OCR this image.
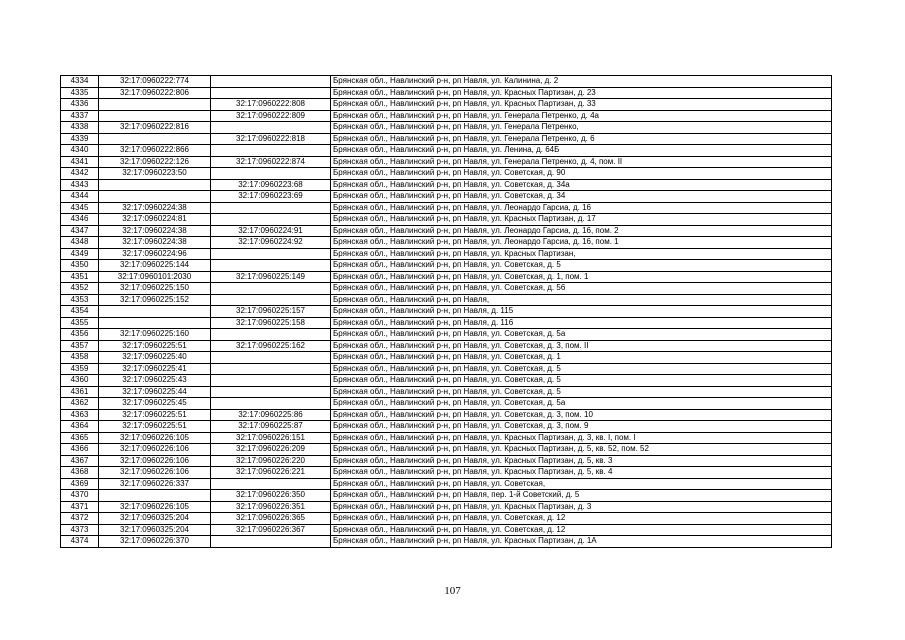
4334	32:17:0960222:774		Брянская обл., Навлинский р-н, рп Навля, ул. Калинина, д. 2
4335	32:17:0960222:806		Брянская обл., Навлинский р-н, рп Навля, ул. Красных Партизан, д. 23
4336		32:17:0960222:808	Брянская обл., Навлинский р-н, рп Навля, ул. Красных Партизан, д. 33
4337		32:17:0960222:809	Брянская обл., Навлинский р-н, рп Навля, ул. Генерала Петренко, д. 4а
4338	32:17:0960222:816		Брянская обл., Навлинский р-н, рп Навля, ул. Генерала Петренко,
4339		32:17:0960222:818	Брянская обл., Навлинский р-н, рп Навля, ул. Генерала Петренко, д. 6
4340	32:17:0960222:866		Брянская обл., Навлинский р-н, рп Навля, ул. Ленина, д. 64Б
4341	32:17:0960222:126	32:17:0960222:874	Брянская обл., Навлинский р-н, рп Навля, ул. Генерала Петренко, д. 4, пом. II
4342	32:17:0960223:50		Брянская обл., Навлинский р-н, рп Навля, ул. Советская, д. 90
4343		32:17:0960223:68	Брянская обл., Навлинский р-н, рп Навля, ул. Советская, д. 34а
4344		32:17:0960223:69	Брянская обл., Навлинский р-н, рп Навля, ул. Советская, д. 34
4345	32:17:0960224:38		Брянская обл., Навлинский р-н, рп Навля, ул. Леонардо Гарсиа, д. 16
4346	32:17:0960224:81		Брянская обл., Навлинский р-н, рп Навля, ул. Красных Партизан, д. 17
4347	32:17:0960224:38	32:17:0960224:91	Брянская обл., Навлинский р-н, рп Навля, ул. Леонардо Гарсиа, д. 16, пом. 2
4348	32:17:0960224:38	32:17:0960224:92	Брянская обл., Навлинский р-н, рп Навля, ул. Леонардо Гарсиа, д. 16, пом. 1
4349	32:17:0960224:96		Брянская обл., Навлинский р-н, рп Навля, ул. Красных Партизан,
4350	32:17:0960225:144		Брянская обл., Навлинский р-н, рп Навля, ул. Советская, д. 5
4351	32:17:0960101:2030	32:17:0960225:149	Брянская обл., Навлинский р-н, рп Навля, ул. Советская, д. 1, пом. 1
4352	32:17:0960225:150		Брянская обл., Навлинский р-н, рп Навля, ул. Советская, д. 56
4353	32:17:0960225:152		Брянская обл., Навлинский р-н, рп Навля,
4354		32:17:0960225:157	Брянская обл., Навлинский р-н, рп Навля, д. 115
4355		32:17:0960225:158	Брянская обл., Навлинский р-н, рп Навля, д. 116
4356	32:17:0960225:160		Брянская обл., Навлинский р-н, рп Навля, ул. Советская, д. 5а
4357	32:17:0960225:51	32:17:0960225:162	Брянская обл., Навлинский р-н, рп Навля, ул. Советская, д. 3, пом. II
4358	32:17:0960225:40		Брянская обл., Навлинский р-н, рп Навля, ул. Советская, д. 1
4359	32:17:0960225:41		Брянская обл., Навлинский р-н, рп Навля, ул. Советская, д. 5
4360	32:17:0960225:43		Брянская обл., Навлинский р-н, рп Навля, ул. Советская, д. 5
4361	32:17:0960225:44		Брянская обл., Навлинский р-н, рп Навля, ул. Советская, д. 5
4362	32:17:0960225:45		Брянская обл., Навлинский р-н, рп Навля, ул. Советская, д. 5а
4363	32:17:0960225:51	32:17:0960225:86	Брянская обл., Навлинский р-н, рп Навля, ул. Советская, д. 3, пом. 10
4364	32:17:0960225:51	32:17:0960225:87	Брянская обл., Навлинский р-н, рп Навля, ул. Советская, д. 3, пом. 9
4365	32:17:0960226:105	32:17:0960226:151	Брянская обл., Навлинский р-н, рп Навля, ул. Красных Партизан, д. 3, кв. I, пом. I
4366	32:17:0960226:106	32:17:0960226:209	Брянская обл., Навлинский р-н, рп Навля, ул. Красных Партизан, д. 5, кв. 52, пом. 52
4367	32:17:0960226:106	32:17:0960226:220	Брянская обл., Навлинский р-н, рп Навля, ул. Красных Партизан, д. 5, кв. 3
4368	32:17:0960226:106	32:17:0960226:221	Брянская обл., Навлинский р-н, рп Навля, ул. Красных Партизан, д. 5, кв. 4
4369	32:17:0960226:337		Брянская обл., Навлинский р-н, рп Навля, ул. Советская,
4370		32:17:0960226:350	Брянская обл., Навлинский р-н, рп Навля, пер. 1-й Советский, д. 5
4371	32:17:0960226:105	32:17:0960226:351	Брянская обл., Навлинский р-н, рп Навля, ул. Красных Партизан, д. 3
4372	32:17:0960325:204	32:17:0960226:365	Брянская обл., Навлинский р-н, рп Навля, ул. Советская, д. 12
4373	32:17:0960325:204	32:17:0960226:367	Брянская обл., Навлинский р-н, рп Навля, ул. Советская, д. 12
4374	32:17:0960226:370		Брянская обл., Навлинский р-н, рп Навля, ул. Красных Партизан, д. 1А
107
